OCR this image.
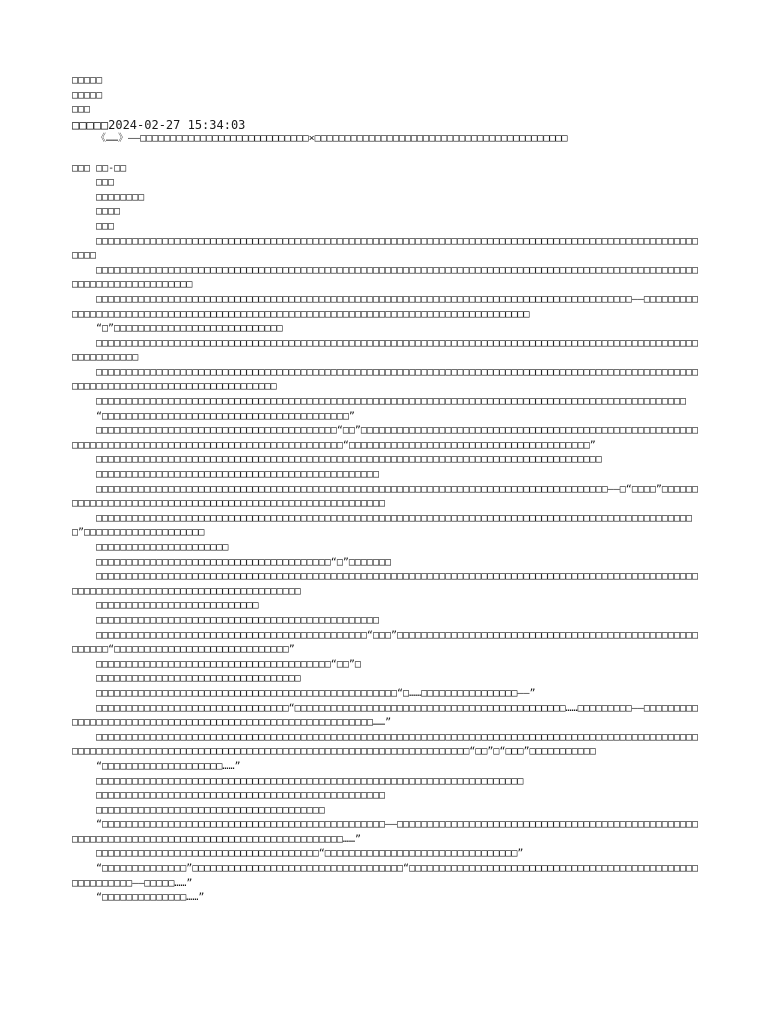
□□□□□
□□□□□
□□□
□□□□□2024-02-27 15:34:03
《……》——□□□□□□□□□□□□□□□□□□□□□□□□□□□□×□□□□□□□□□□□□□□□□□□□□□□□□□□□□□□□□□□□□□□□□□□
□□□ □□-□□
□□□
□□□□□□□□
□□□□
□□□

□□□□□□□□□□□□□□□□□□□□□□□□□□□□□□□□□□□□□□□□□□□□□□□□□□□□□□□□□□□□□□□□□□□□□□□□□□□□□□□□□□□□□□□□□□□□□□□□□□□□□□□□

□□□□□□□□□□□□□□□□□□□□□□□□□□□□□□□□□□□□□□□□□□□□□□□□□□□□□□□□□□□□□□□□□□□□□□□□□□□□□□□□□□□□□□□□□□□□□□□□□□□□□□□□□□□□□□□□□□□□□□□□

□□□□□□□□□□□□□□□□□□□□□□□□□□□□□□□□□□□□□□□□□□□□□□□□□□□□□□□□□□□□□□□□□□□□□□□□□□□□□□□□□□□□□□□□□——□□□□□□□□□□□□□□□□□□□□□□□□□□□□□□□□□□□□□□□□□□□□□□□□□□□□□□□□□□□□□□□□□□□□□□□□□□□□□□□□□□□□□

“□”□□□□□□□□□□□□□□□□□□□□□□□□□□□□

□□□□□□□□□□□□□□□□□□□□□□□□□□□□□□□□□□□□□□□□□□□□□□□□□□□□□□□□□□□□□□□□□□□□□□□□□□□□□□□□□□□□□□□□□□□□□□□□□□□□□□□□□□□□□□□

□□□□□□□□□□□□□□□□□□□□□□□□□□□□□□□□□□□□□□□□□□□□□□□□□□□□□□□□□□□□□□□□□□□□□□□□□□□□□□□□□□□□□□□□□□□□□□□□□□□□□□□□□□□□□□□□□□□□□□□□□□□□□□□□□□□□□□

□□□□□□□□□□□□□□□□□□□□□□□□□□□□□□□□□□□□□□□□□□□□□□□□□□□□□□□□□□□□□□□□□□□□□□□□□□□□□□□□□□□□□□□□□□□□□□□□□□

“□□□□□□□□□□□□□□□□□□□□□□□□□□□□□□□□□□□□□□□□□”

□□□□□□□□□□□□□□□□□□□□□□□□□□□□□□□□□□□□□□□□“□□”□□□□□□□□□□□□□□□□□□□□□□□□□□□□□□□□□□□□□□□□□□□□□□□□□□□□□□□□□□□□□□□□□□□□□□□□□□□□□□□□□□□□□□□□□□□□□□□□□□□□□“□□□□□□□□□□□□□□□□□□□□□□□□□□□□□□□□□□□□□□□□”

□□□□□□□□□□□□□□□□□□□□□□□□□□□□□□□□□□□□□□□□□□□□□□□□□□□□□□□□□□□□□□□□□□□□□□□□□□□□□□□□□□□□

□□□□□□□□□□□□□□□□□□□□□□□□□□□□□□□□□□□□□□□□□□□□□□□

□□□□□□□□□□□□□□□□□□□□□□□□□□□□□□□□□□□□□□□□□□□□□□□□□□□□□□□□□□□□□□□□□□□□□□□□□□□□□□□□□□□□□——□“□□□□”□□□□□□□□□□□□□□□□□□□□□□□□□□□□□□□□□□□□□□□□□□□□□□□□□□□□□□□□□□

□□□□□□□□□□□□□□□□□□□□□□□□□□□□□□□□□□□□□□□□□□□□□□□□□□□□□□□□□□□□□□□□□□□□□□□□□□□□□□□□□□□□□□□□□□□□□□□□□□□□”□□□□□□□□□□□□□□□□□□□□

□□□□□□□□□□□□□□□□□□□□□□

□□□□□□□□□□□□□□□□□□□□□□□□□□□□□□□□□□□□□□□“□”□□□□□□□

□□□□□□□□□□□□□□□□□□□□□□□□□□□□□□□□□□□□□□□□□□□□□□□□□□□□□□□□□□□□□□□□□□□□□□□□□□□□□□□□□□□□□□□□□□□□□□□□□□□□□□□□□□□□□□□□□□□□□□□□□□□□□□□□□□□□□□□□□□

□□□□□□□□□□□□□□□□□□□□□□□□□□□

□□□□□□□□□□□□□□□□□□□□□□□□□□□□□□□□□□□□□□□□□□□□□□□

□□□□□□□□□□□□□□□□□□□□□□□□□□□□□□□□□□□□□□□□□□□□□“□□□”□□□□□□□□□□□□□□□□□□□□□□□□□□□□□□□□□□□□□□□□□□□□□□□□□□□□□□□□“□□□□□□□□□□□□□□□□□□□□□□□□□□□□□”

□□□□□□□□□□□□□□□□□□□□□□□□□□□□□□□□□□□□□□□“□□”□

□□□□□□□□□□□□□□□□□□□□□□□□□□□□□□□□□□

□□□□□□□□□□□□□□□□□□□□□□□□□□□□□□□□□□□□□□□□□□□□□□□□□□“□……□□□□□□□□□□□□□□□□——”

□□□□□□□□□□□□□□□□□□□□□□□□□□□□□□□□“□□□□□□□□□□□□□□□□□□□□□□□□□□□□□□□□□□□□□□□□□□□□□……□□□□□□□□□——□□□□□□□□□□□□□□□□□□□□□□□□□□□□□□□□□□□□□□□□□□□□□□□□□□□□□□□□□□□……”

□□□□□□□□□□□□□□□□□□□□□□□□□□□□□□□□□□□□□□□□□□□□□□□□□□□□□□□□□□□□□□□□□□□□□□□□□□□□□□□□□□□□□□□□□□□□□□□□□□□□□□□□□□□□□□□□□□□□□□□□□□□□□□□□□□□□□□□□□□□□□□□□□□□□□□□□□□□□□□□□□□□□□□“□□”□“□□□”□□□□□□□□□□□

“□□□□□□□□□□□□□□□□□□□□……”

□□□□□□□□□□□□□□□□□□□□□□□□□□□□□□□□□□□□□□□□□□□□□□□□□□□□□□□□□□□□□□□□□□□□□□□

□□□□□□□□□□□□□□□□□□□□□□□□□□□□□□□□□□□□□□□□□□□□□□□□

□□□□□□□□□□□□□□□□□□□□□□□□□□□□□□□□□□□□□□

“□□□□□□□□□□□□□□□□□□□□□□□□□□□□□□□□□□□□□□□□□□□□□□□——□□□□□□□□□□□□□□□□□□□□□□□□□□□□□□□□□□□□□□□□□□□□□□□□□□□□□□□□□□□□□□□□□□□□□□□□□□□□□□□□□□□□□□□□□□□□□□□……”

□□□□□□□□□□□□□□□□□□□□□□□□□□□□□□□□□□□□□“□□□□□□□□□□□□□□□□□□□□□□□□□□□□□□□□”

“□□□□□□□□□□□□□□”□□□□□□□□□□□□□□□□□□□□□□□□□□□□□□□□□□□“□□□□□□□□□□□□□□□□□□□□□□□□□□□□□□□□□□□□□□□□□□□□□□□□□□□□□□□□□□——□□□□□……”

“□□□□□□□□□□□□□□……”
